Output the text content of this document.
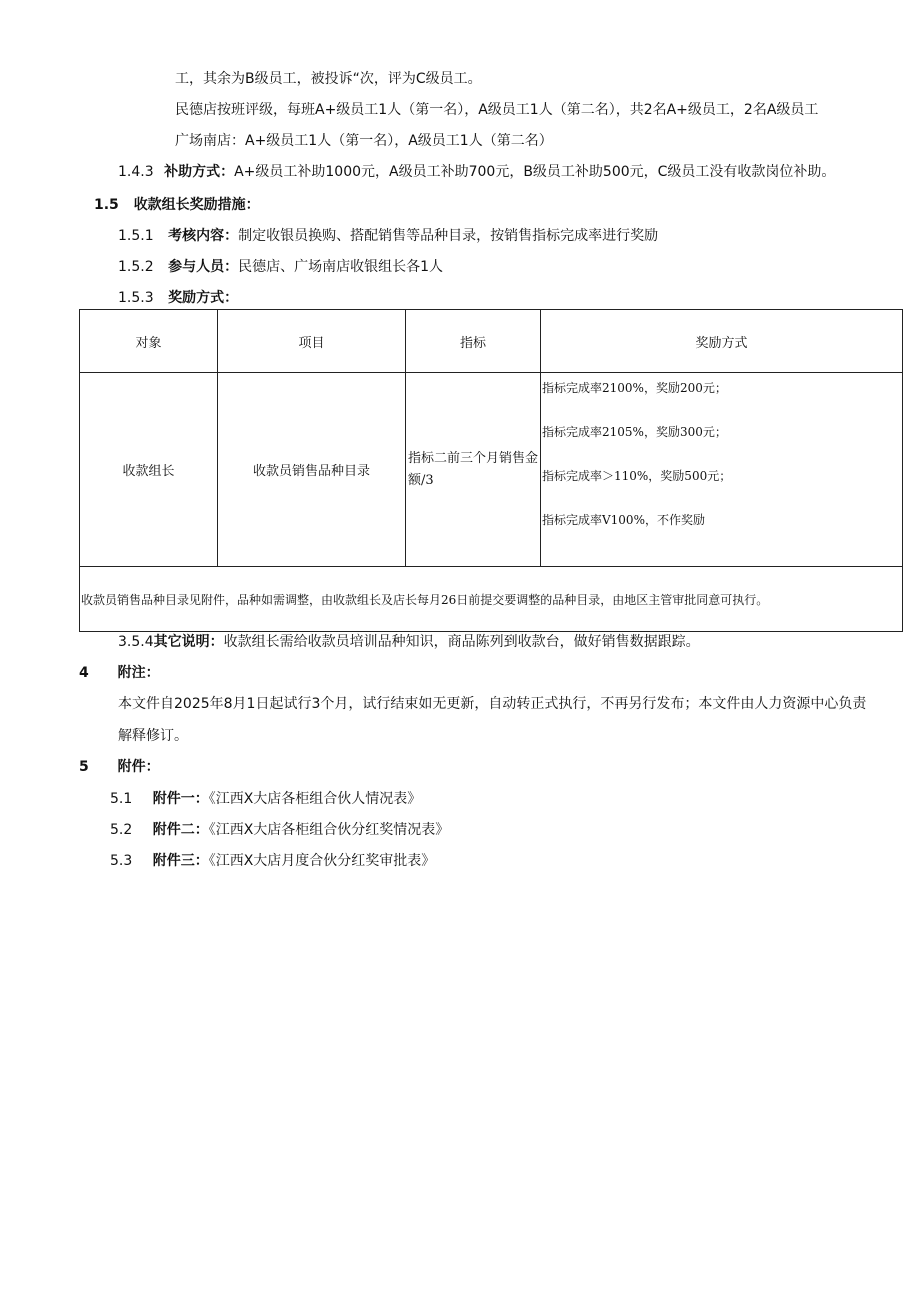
工，其余为B级员工，被投诉“次，评为C级员工。
民德店按班评级，每班A+级员工1人（第一名），A级员工1人（第二名），共2名A+级员工，2名A级员工
广场南店：A+级员工1人（第一名），A级员工1人（第二名）
1.4.3 补助方式：A+级员工补助1000元，A级员工补助700元，B级员工补助500元，C级员工没有收款岗位补助。
1.5 收款组长奖励措施：
1.5.1 考核内容：制定收银员换购、搭配销售等品种目录，按销售指标完成率进行奖励
1.5.2 参与人员：民德店、广场南店收银组长各1人
1.5.3 奖励方式：
对象	项目	指标	奖励方式
收款组长	收款员销售品种目录	指标二前三个月销售金额/3	指标完成率2100%，奖励200元；
指标完成率2105%，奖励300元；
指标完成率＞110%，奖励500元；
指标完成率V100%，不作奖励

收款员销售品种目录见附件，品种如需调整，由收款组长及店长每月26日前提交要调整的品种目录，由地区主管审批同意可执行。			
3.5.4其它说明：收款组长需给收款员培训品种知识，商品陈列到收款台，做好销售数据跟踪。
4 附注：
本文件自2025年8月1日起试行3个月，试行结束如无更新，自动转正式执行，不再另行发布；本文件由人力资源中心负责
解释修订。
5 附件：
5.1 附件一：《江西X大店各柜组合伙人情况表》
5.2 附件二：《江西X大店各柜组合伙分红奖情况表》
5.3 附件三：《江西X大店月度合伙分红奖审批表》
